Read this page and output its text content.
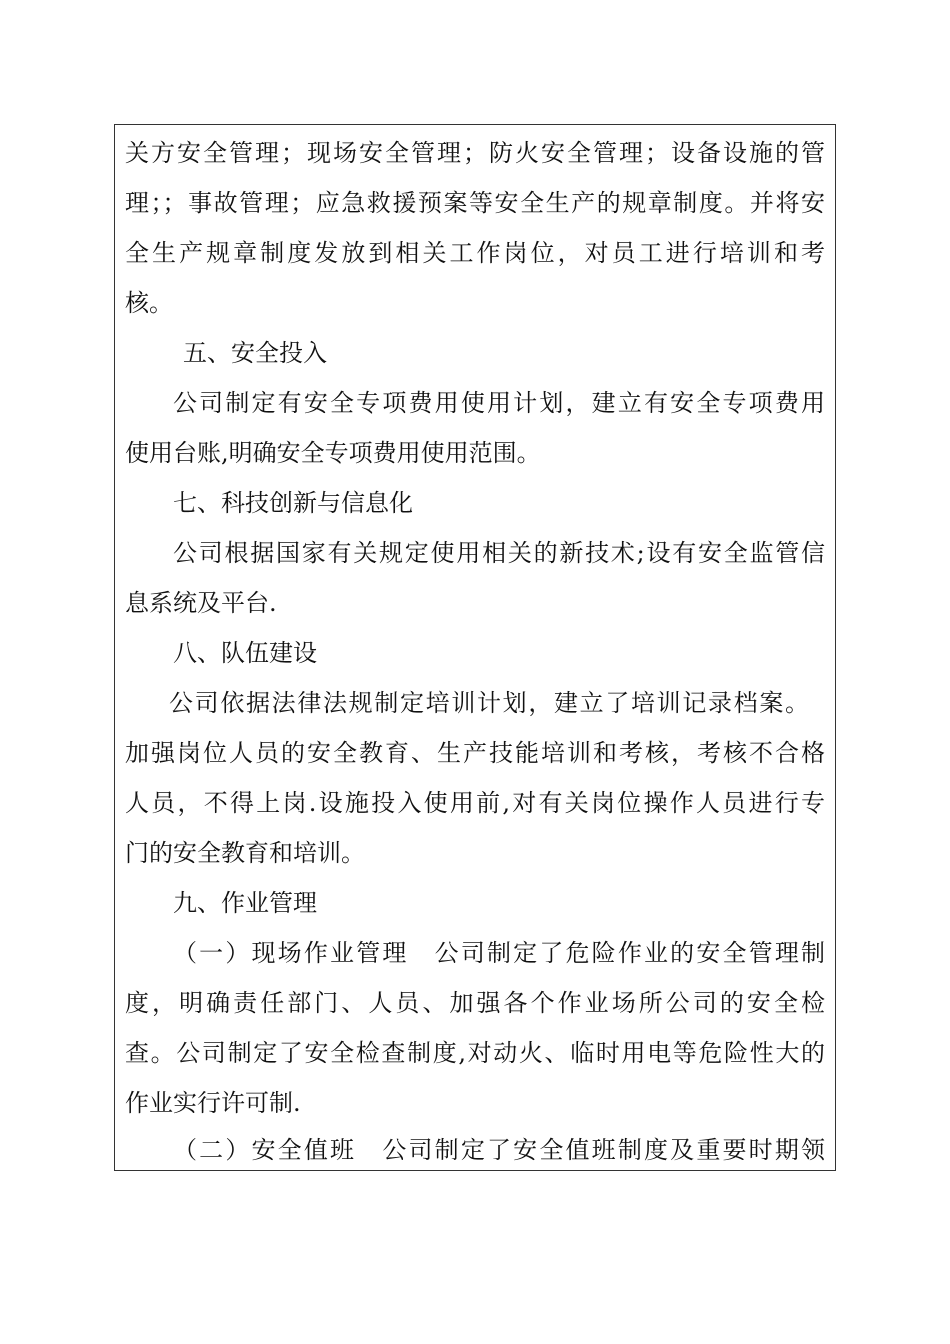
关方安全管理；现场安全管理；防火安全管理；设备设施的管
理；；事故管理；应急救援预案等安全生产的规章制度。并将安
全生产规章制度发放到相关工作岗位，对员工进行培训和考
核。
五、安全投入
公司制定有安全专项费用使用计划，建立有安全专项费用
使用台账,明确安全专项费用使用范围。
七、科技创新与信息化
公司根据国家有关规定使用相关的新技术;设有安全监管信
息系统及平台.
八、队伍建设
公司依据法律法规制定培训计划，建立了培训记录档案。
加强岗位人员的安全教育、生产技能培训和考核，考核不合格
人员，不得上岗.设施投入使用前,对有关岗位操作人员进行专
门的安全教育和培训。
九、作业管理
（一）现场作业管理　公司制定了危险作业的安全管理制
度，明确责任部门、人员、加强各个作业场所公司的安全检
查。公司制定了安全检查制度,对动火、临时用电等危险性大的
作业实行许可制.
（二）安全值班　公司制定了安全值班制度及重要时期领
